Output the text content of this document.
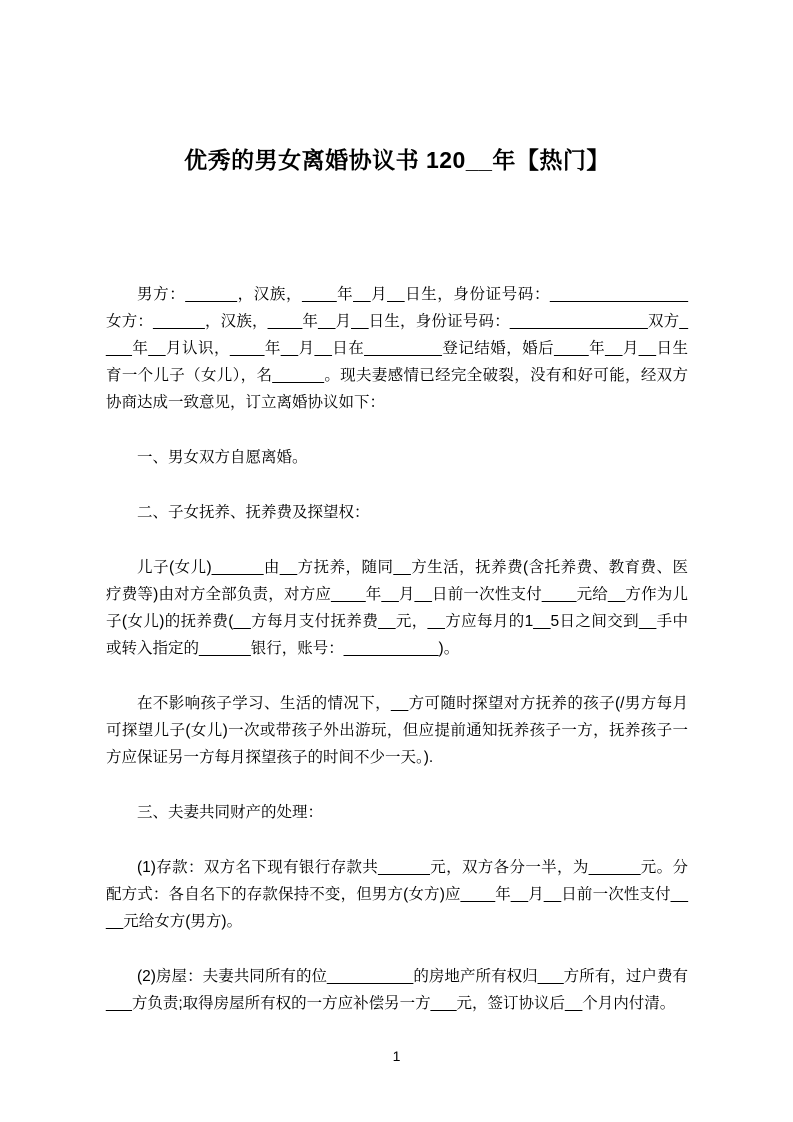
优秀的男女离婚协议书 120__年【热门】

男方：______，汉族，____年__月__日生，身份证号码：________________女方：______，汉族，____年__月__日生，身份证号码：________________双方____年__月认识，____年__月__日在_________登记结婚，婚后____年__月__日生育一个儿子（女儿），名______。现夫妻感情已经完全破裂，没有和好可能，经双方协商达成一致意见，订立离婚协议如下：

一、男女双方自愿离婚。

二、子女抚养、抚养费及探望权：

儿子(女儿)______由__方抚养，随同__方生活，抚养费(含托养费、教育费、医疗费等)由对方全部负责，对方应____年__月__日前一次性支付____元给__方作为儿子(女儿)的抚养费(__方每月支付抚养费__元，__方应每月的1__5日之间交到__手中或转入指定的______银行，账号：___________)。

在不影响孩子学习、生活的情况下，__方可随时探望对方抚养的孩子(/男方每月可探望儿子(女儿)一次或带孩子外出游玩，但应提前通知抚养孩子一方，抚养孩子一方应保证另一方每月探望孩子的时间不少一天。).

三、夫妻共同财产的处理：

(1)存款：双方名下现有银行存款共______元，双方各分一半，为______元。分配方式：各自名下的存款保持不变，但男方(女方)应____年__月__日前一次性支付____元给女方(男方)。

(2)房屋：夫妻共同所有的位__________的房地产所有权归___方所有，过户费有___方负责;取得房屋所有权的一方应补偿另一方___元，签订协议后__个月内付清。

1
